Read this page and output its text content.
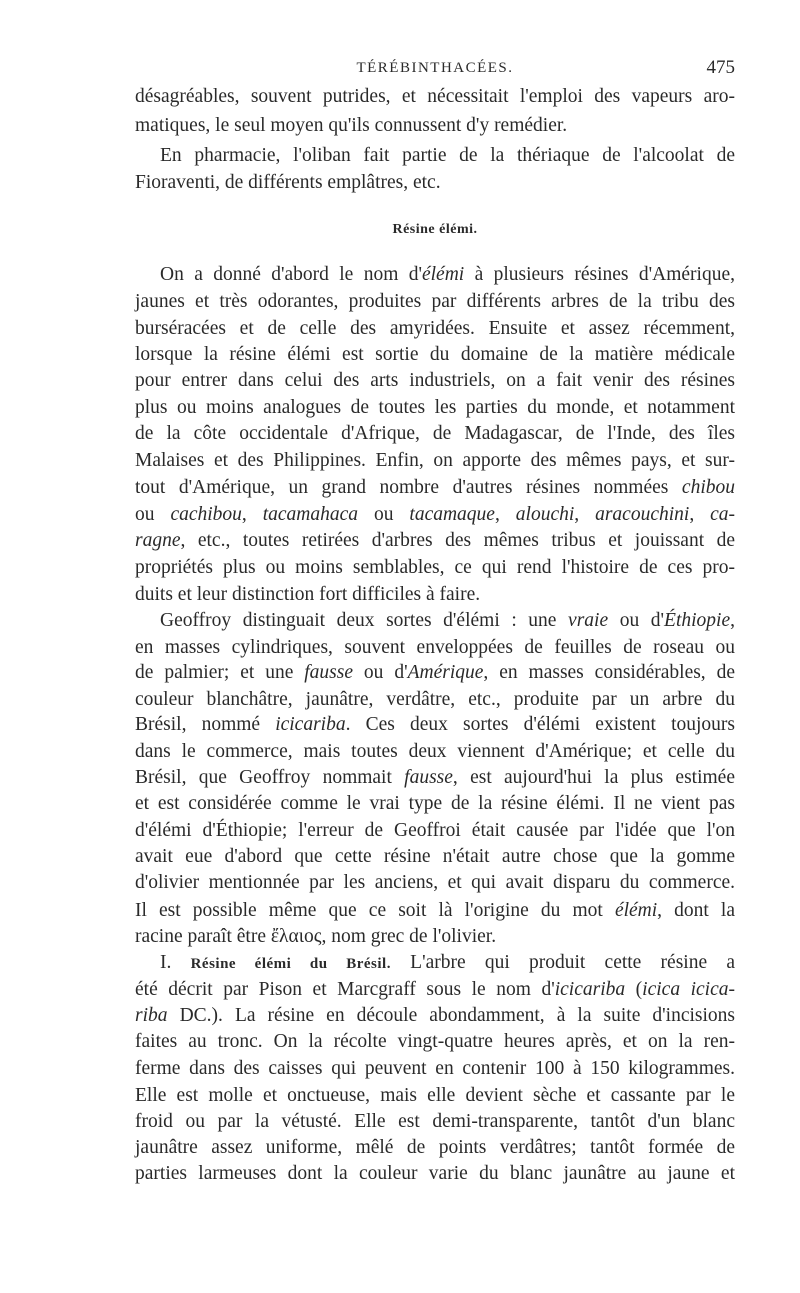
TÉRÉBINTHACÉES.	475
Résine élémi.
désagréables, souvent putrides, et nécessitait l'emploi des vapeurs aro-
matiques, le seul moyen qu'ils connussent d'y remédier.
En pharmacie, l'oliban fait partie de la thériaque de l'alcoolat de
Fioraventi, de différents emplâtres, etc.
On a donné d'abord le nom d'élémi à plusieurs résines d'Amérique,
jaunes et très odorantes, produites par différents arbres de la tribu des
burséracées et de celle des amyridées. Ensuite et assez récemment,
lorsque la résine élémi est sortie du domaine de la matière médicale
pour entrer dans celui des arts industriels, on a fait venir des résines
plus ou moins analogues de toutes les parties du monde, et notamment
de la côte occidentale d'Afrique, de Madagascar, de l'Inde, des îles
Malaises et des Philippines. Enfin, on apporte des mêmes pays, et sur-
tout d'Amérique, un grand nombre d'autres résines nommées chibou
ou cachibou, tacamahaca ou tacamaque, alouchi, aracouchini, ca-
ragne, etc., toutes retirées d'arbres des mêmes tribus et jouissant de
propriétés plus ou moins semblables, ce qui rend l'histoire de ces pro-
duits et leur distinction fort difficiles à faire.
Geoffroy distinguait deux sortes d'élémi : une vraie ou d'Éthiopie,
en masses cylindriques, souvent enveloppées de feuilles de roseau ou
de palmier; et une fausse ou d'Amérique, en masses considérables, de
couleur blanchâtre, jaunâtre, verdâtre, etc., produite par un arbre du
Brésil, nommé icicariba. Ces deux sortes d'élémi existent toujours
dans le commerce, mais toutes deux viennent d'Amérique; et celle du
Brésil, que Geoffroy nommait fausse, est aujourd'hui la plus estimée
et est considérée comme le vrai type de la résine élémi. Il ne vient pas
d'élémi d'Éthiopie; l'erreur de Geoffroi était causée par l'idée que l'on
avait eue d'abord que cette résine n'était autre chose que la gomme
d'olivier mentionnée par les anciens, et qui avait disparu du commerce.
Il est possible même que ce soit là l'origine du mot élémi, dont la
racine paraît être ἔλαιος, nom grec de l'olivier.
I. Résine élémi du Brésil. L'arbre qui produit cette résine a
été décrit par Pison et Marcgraff sous le nom d'icicariba (icica icica-
riba DC.). La résine en découle abondamment, à la suite d'incisions
faites au tronc. On la récolte vingt-quatre heures après, et on la ren-
ferme dans des caisses qui peuvent en contenir 100 à 150 kilogrammes.
Elle est molle et onctueuse, mais elle devient sèche et cassante par le
froid ou par la vétusté. Elle est demi-transparente, tantôt d'un blanc
jaunâtre assez uniforme, mêlé de points verdâtres; tantôt formée de
parties larmeuses dont la couleur varie du blanc jaunâtre au jaune et
